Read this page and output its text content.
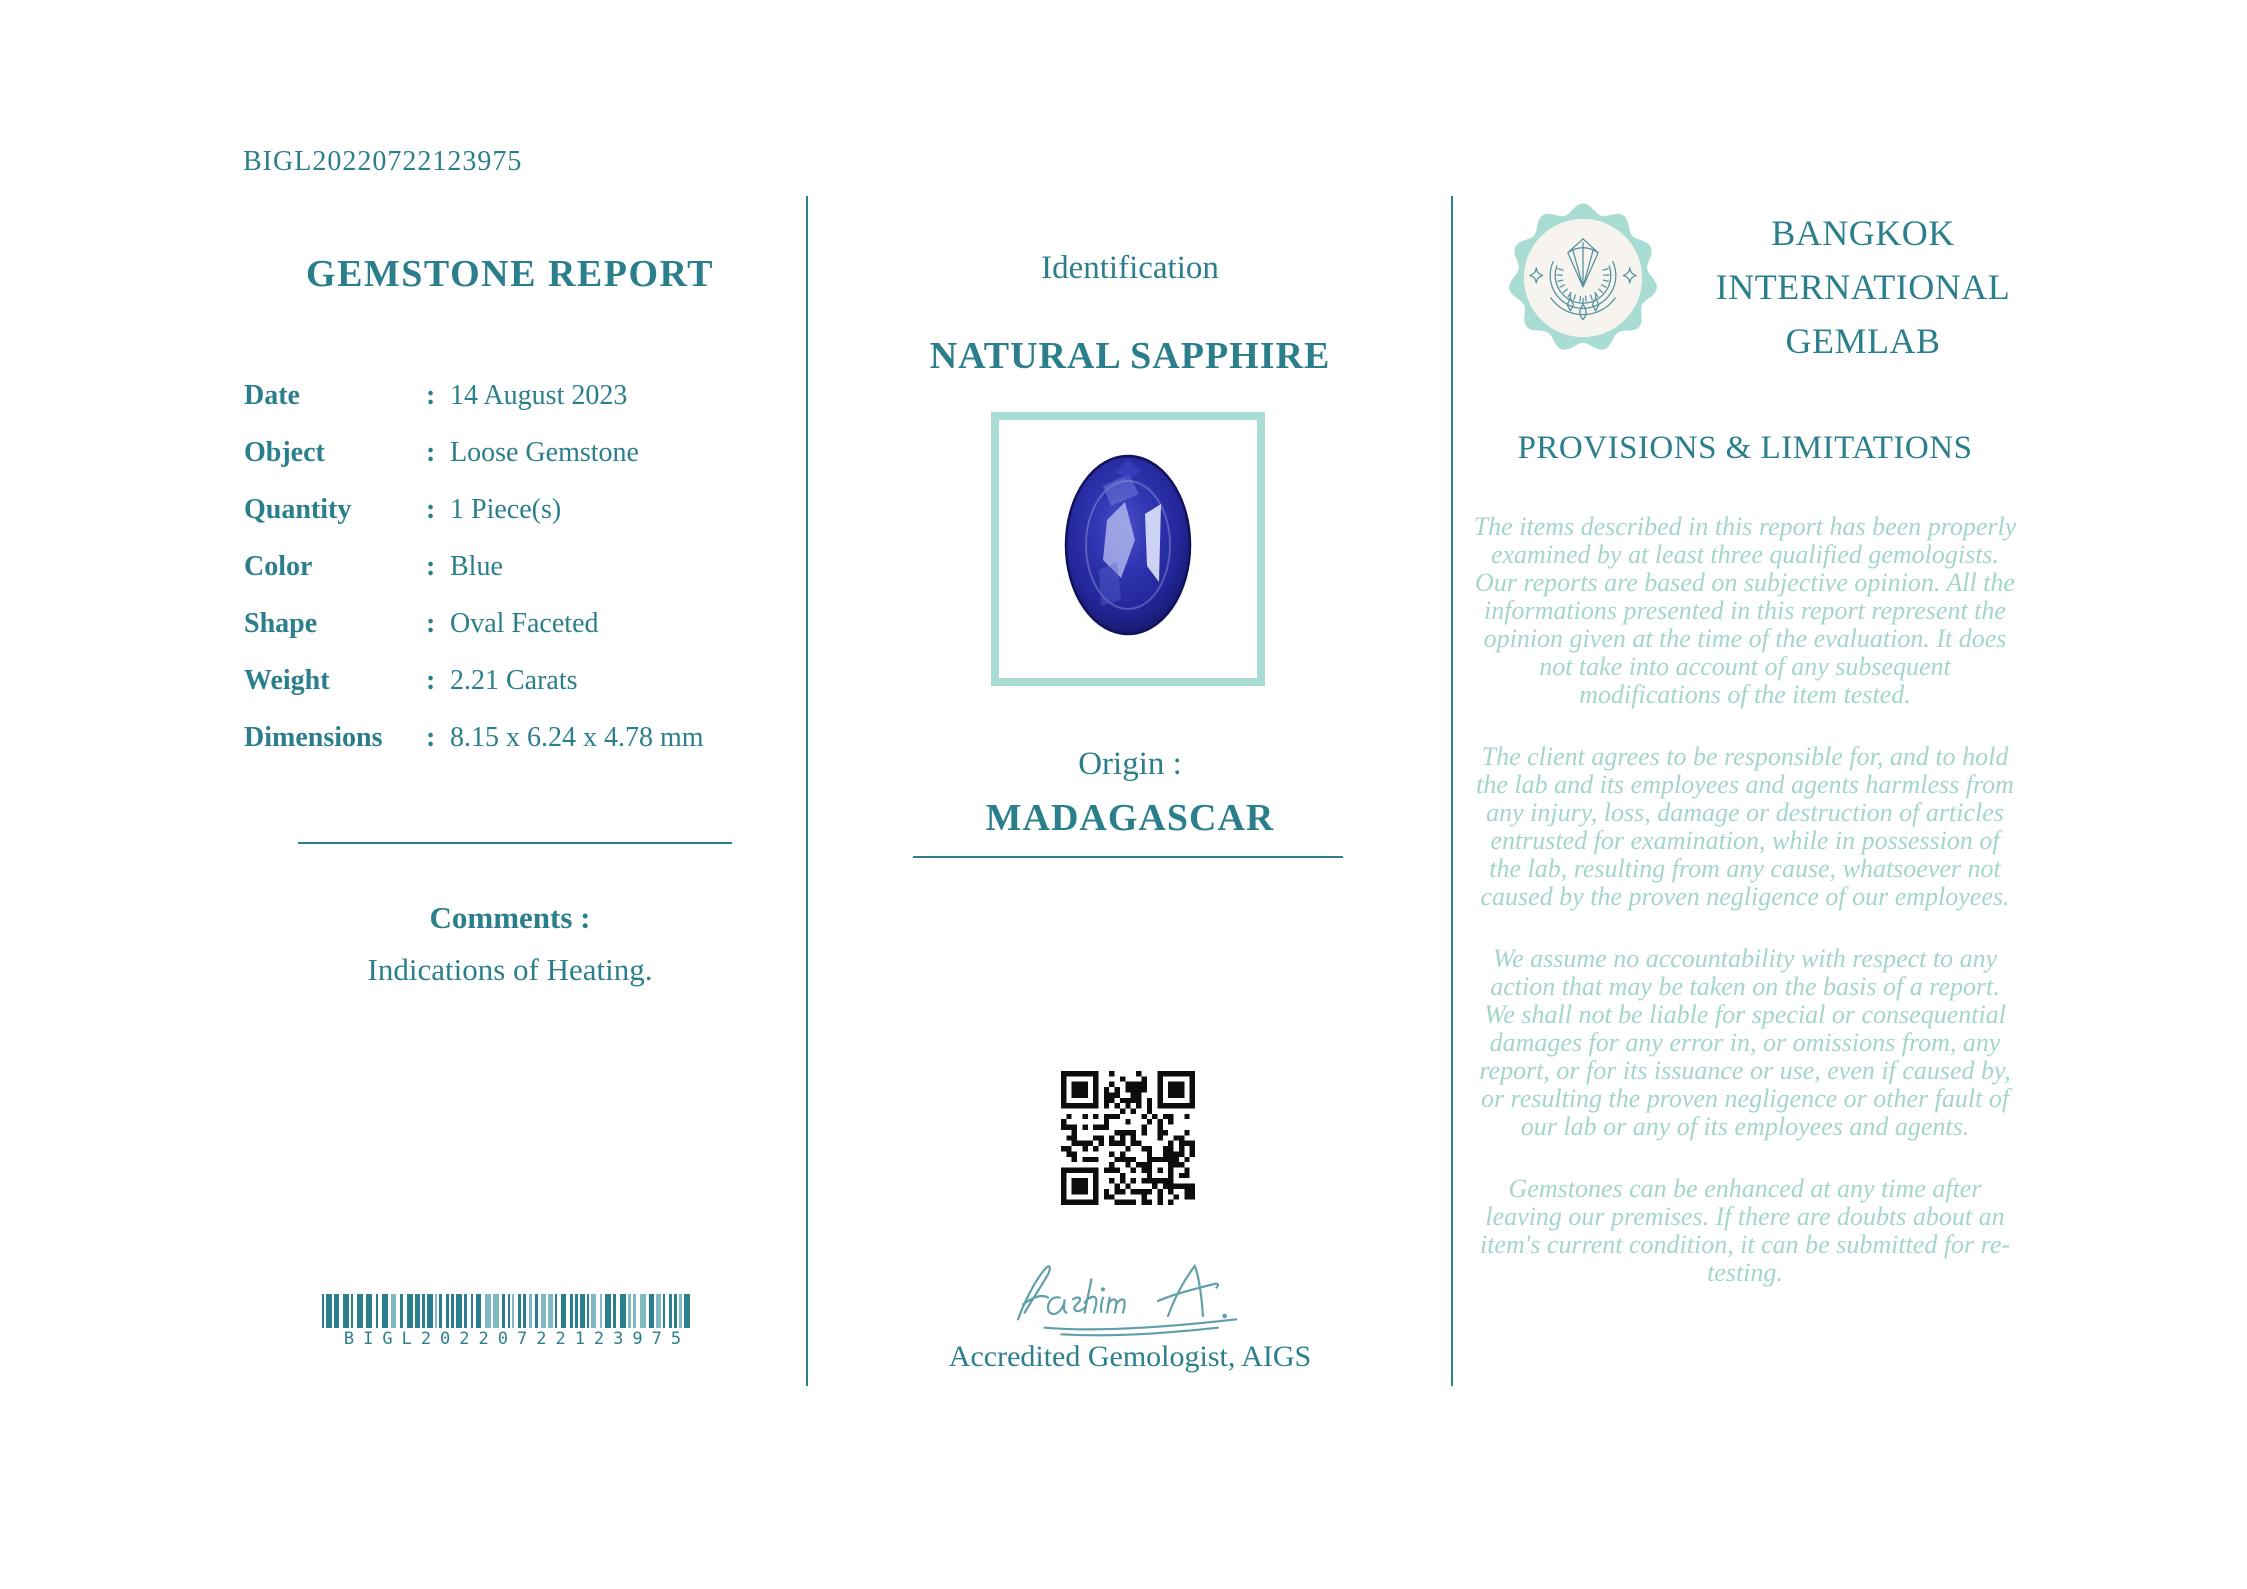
BIGL20220722123975
GEMSTONE REPORT
Date	: 14 August 2023
Object	: Loose Gemstone
Quantity	: 1 Piece(s)
Color	: Blue
Shape	: Oval Faceted
Weight	: 2.21 Carats
Dimensions	: 8.15 x 6.24 x 4.78 mm
Comments :
Indications of Heating.
BIGL20220722123975
Identification
NATURAL SAPPHIRE
Origin :
MADAGASCAR
Accredited Gemologist, AIGS
BANGKOK
INTERNATIONAL
GEMLAB
PROVISIONS & LIMITATIONS

The items described in this report has been properly examined by at least three qualified gemologists. Our reports are based on subjective opinion. All the informations presented in this report represent the opinion given at the time of the evaluation. It does not take into account of any subsequent modifications of the item tested.

The client agrees to be responsible for, and to hold the lab and its employees and agents harmless from any injury, loss, damage or destruction of articles entrusted for examination, while in possession of the lab, resulting from any cause, whatsoever not caused by the proven negligence of our employees.

We assume no accountability with respect to any action that may be taken on the basis of a report. We shall not be liable for special or consequential damages for any error in, or omissions from, any report, or for its issuance or use, even if caused by, or resulting the proven negligence or other fault of our lab or any of its employees and agents.

Gemstones can be enhanced at any time after leaving our premises. If there are doubts about an item's current condition, it can be submitted for re-testing.
